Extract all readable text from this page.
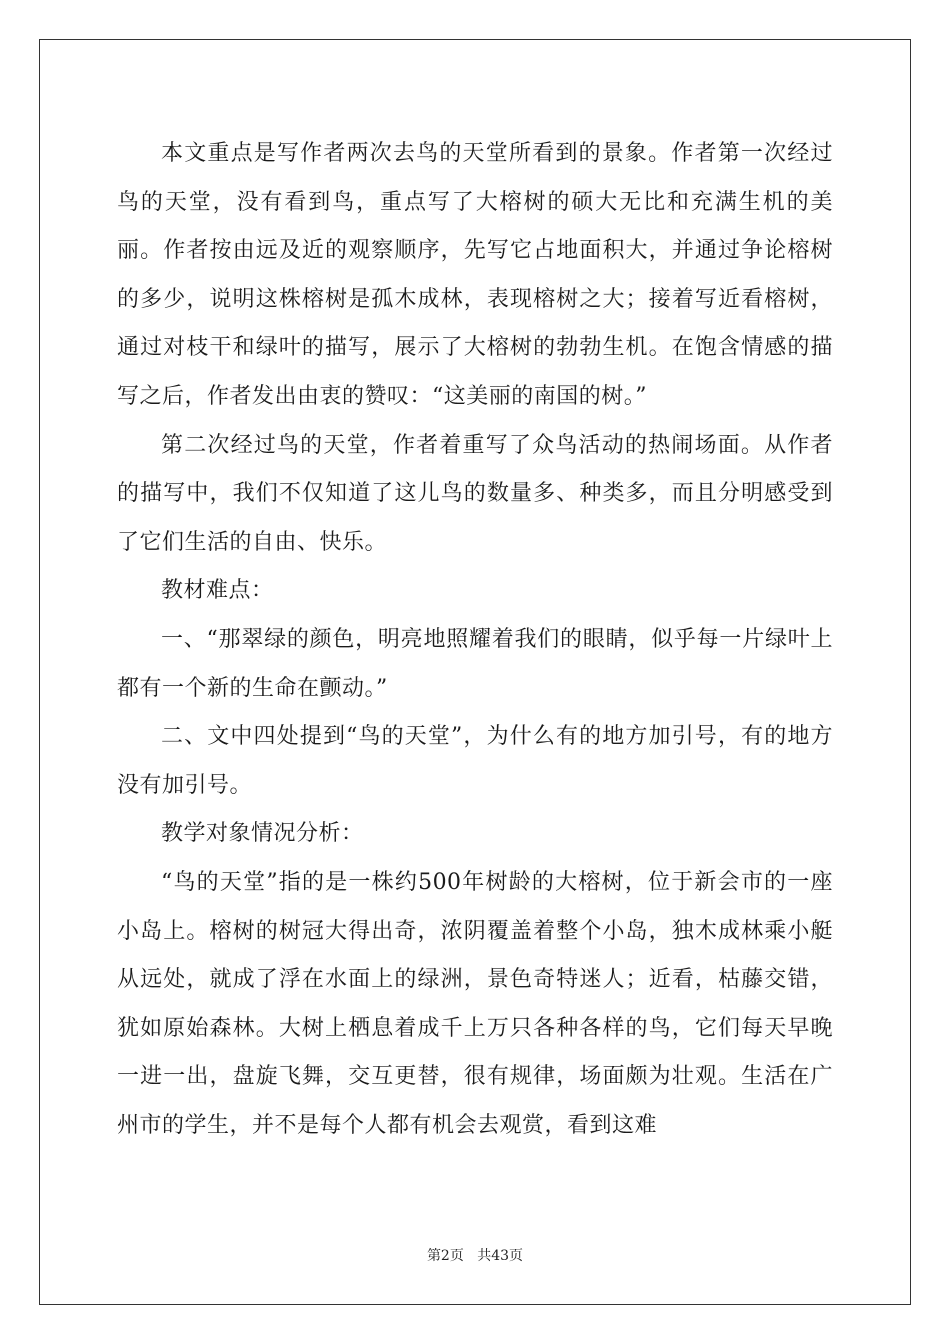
本文重点是写作者两次去鸟的天堂所看到的景象。作者第一次经过鸟的天堂，没有看到鸟，重点写了大榕树的硕大无比和充满生机的美丽。作者按由远及近的观察顺序，先写它占地面积大，并通过争论榕树的多少，说明这株榕树是孤木成林，表现榕树之大；接着写近看榕树，通过对枝干和绿叶的描写，展示了大榕树的勃勃生机。在饱含情感的描写之后，作者发出由衷的赞叹：“这美丽的南国的树。”

第二次经过鸟的天堂，作者着重写了众鸟活动的热闹场面。从作者的描写中，我们不仅知道了这儿鸟的数量多、种类多，而且分明感受到了它们生活的自由、快乐。

教材难点：

一、“那翠绿的颜色，明亮地照耀着我们的眼睛，似乎每一片绿叶上都有一个新的生命在颤动。”

二、文中四处提到“鸟的天堂”，为什么有的地方加引号，有的地方没有加引号。

教学对象情况分析：

“鸟的天堂”指的是一株约500年树龄的大榕树，位于新会市的一座小岛上。榕树的树冠大得出奇，浓阴覆盖着整个小岛，独木成林乘小艇从远处，就成了浮在水面上的绿洲，景色奇特迷人；近看，枯藤交错，犹如原始森林。大树上栖息着成千上万只各种各样的鸟，它们每天早晚一进一出，盘旋飞舞，交互更替，很有规律，场面颇为壮观。生活在广州市的学生，并不是每个人都有机会去观赏，看到这难

第2页 共43页
